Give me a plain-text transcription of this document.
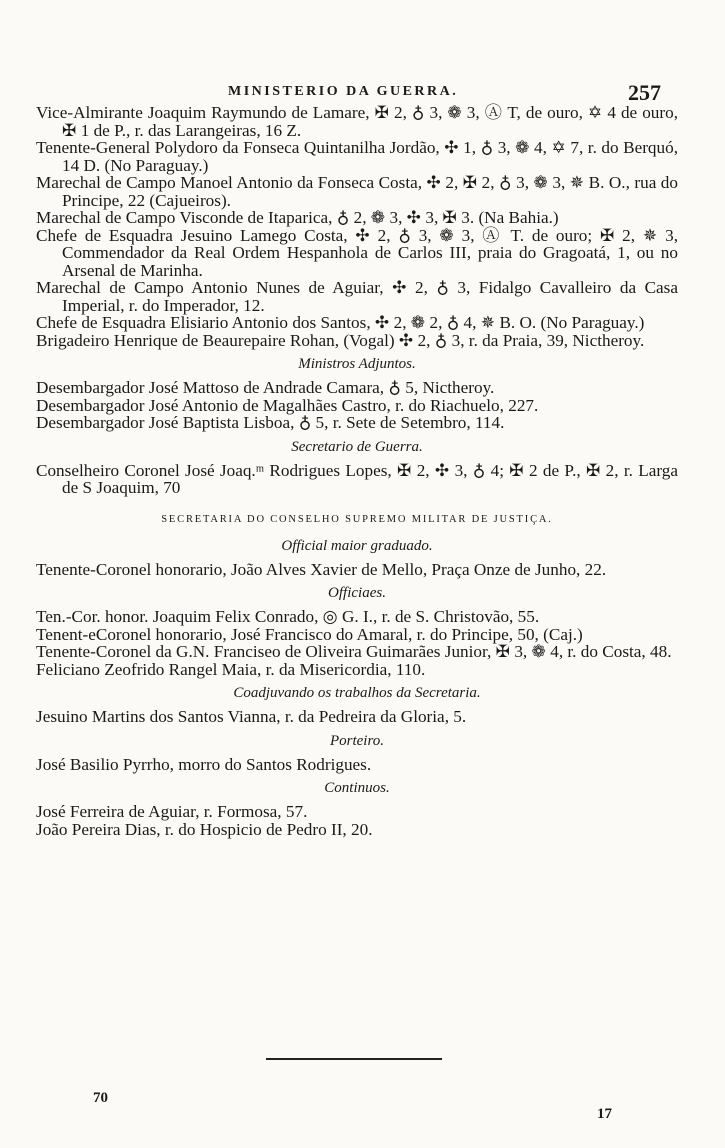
MINISTERIO DA GUERRA.	257

Vice-Almirante Joaquim Raymundo de Lamare, ✠ 2, ♁ 3, ❁ 3, Ⓐ T, de ouro, ✡ 4 de ouro, ✠ 1 de P., r. das Larangeiras, 16 Z.

Tenente-General Polydoro da Fonseca Quintanilha Jordão, ✣ 1, ♁ 3, ❁ 4, ✡ 7, r. do Berquó, 14 D. (No Paraguay.)

Marechal de Campo Manoel Antonio da Fonseca Costa, ✣ 2, ✠ 2, ♁ 3, ❁ 3, ✵ B. O., rua do Principe, 22 (Cajueiros).

Marechal de Campo Visconde de Itaparica, ♁ 2, ❁ 3, ✣ 3, ✠ 3. (Na Bahia.)

Chefe de Esquadra Jesuino Lamego Costa, ✣ 2, ♁ 3, ❁ 3, Ⓐ T. de ouro; ✠ 2, ✵ 3, Commendador da Real Ordem Hespanhola de Carlos III, praia do Gragoatá, 1, ou no Arsenal de Marinha.

Marechal de Campo Antonio Nunes de Aguiar, ✣ 2, ♁ 3, Fidalgo Cavalleiro da Casa Imperial, r. do Imperador, 12.

Chefe de Esquadra Elisiario Antonio dos Santos, ✣ 2, ❁ 2, ♁ 4, ✵ B. O. (No Paraguay.)

Brigadeiro Henrique de Beaurepaire Rohan, (Vogal) ✣ 2, ♁ 3, r. da Praia, 39, Nictheroy.

Ministros Adjuntos.

Desembargador José Mattoso de Andrade Camara, ♁ 5, Nictheroy.

Desembargador José Antonio de Magalhães Castro, r. do Riachuelo, 227.

Desembargador José Baptista Lisboa, ♁ 5, r. Sete de Setembro, 114.

Secretario de Guerra.

Conselheiro Coronel José Joaq.ᵐ Rodrigues Lopes, ✠ 2, ✣ 3, ♁ 4; ✠ 2 de P., ✠ 2, r. Larga de S Joaquim, 70

SECRETARIA DO CONSELHO SUPREMO MILITAR DE JUSTIÇA.

Official maior graduado.

Tenente-Coronel honorario, João Alves Xavier de Mello, Praça Onze de Junho, 22.

Officiaes.

Ten.-Cor. honor. Joaquim Felix Conrado, ◎ G. I., r. de S. Christovão, 55.

Tenent-eCoronel honorario, José Francisco do Amaral, r. do Principe, 50, (Caj.)

Tenente-Coronel da G.N. Franciseo de Oliveira Guimarães Junior, ✠ 3, ❁ 4, r. do Costa, 48.

Feliciano Zeofrido Rangel Maia, r. da Misericordia, 110.

Coadjuvando os trabalhos da Secretaria.

Jesuino Martins dos Santos Vianna, r. da Pedreira da Gloria, 5.

Porteiro.

José Basilio Pyrrho, morro do Santos Rodrigues.

Continuos.

José Ferreira de Aguiar, r. Formosa, 57.

João Pereira Dias, r. do Hospicio de Pedro II, 20.

70
17
